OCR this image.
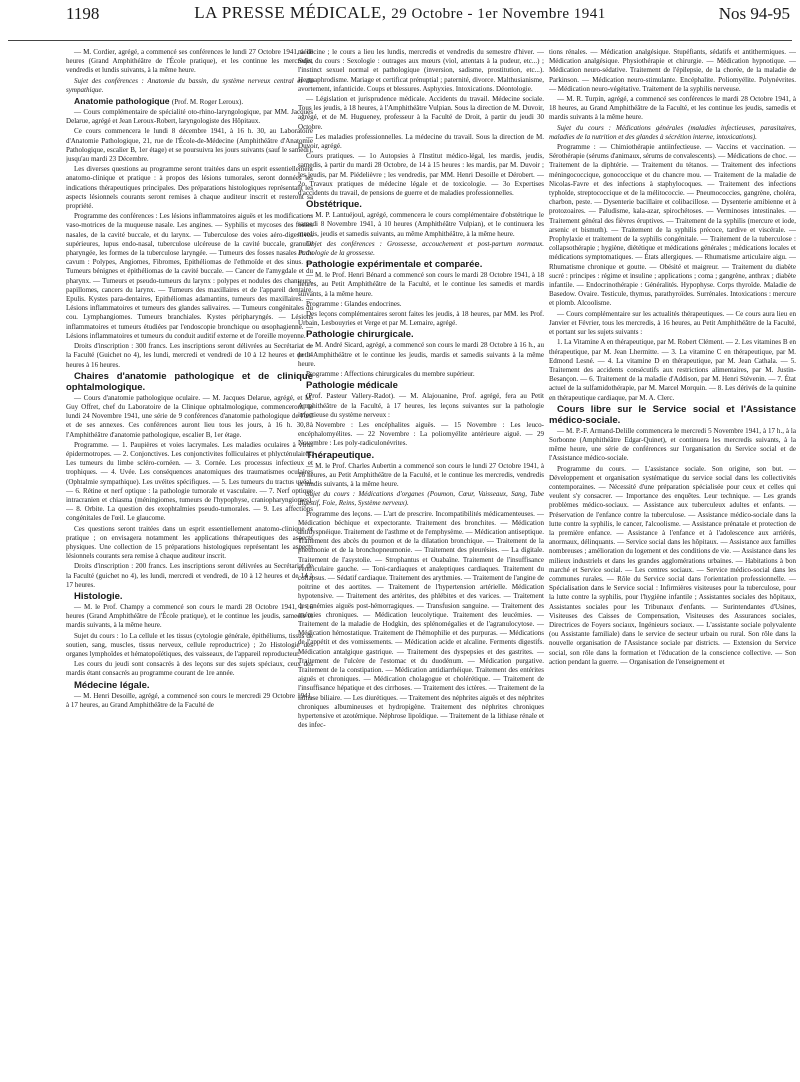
1198	LA PRESSE MÉDICALE, 29 Octobre - 1er Novembre 1941	Nos 94-95

— M. Cordier, agrégé, a commencé ses conférences le lundi 27 Octobre 1941, à 18 heures (Grand Amphithéâtre de l'École pratique), et les continue les mercredis, vendredis et lundis suivants, à la même heure.

Sujet des conférences : Anatomie du bassin, du système nerveux central et du sympathique.

Anatomie pathologique (Prof. M. Roger Leroux).

— Cours complémentaire de spécialité oto-rhino-laryngologique, par MM. Jacques Delarue, agrégé et Jean Leroux-Robert, laryngologiste des Hôpitaux.

Ce cours commencera le lundi 8 décembre 1941, à 16 h. 30, au Laboratoire d'Anatomie Pathologique, 21, rue de l'École-de-Médecine (Amphithéâtre d'Anatomie Pathologique, escalier B, 1er étage) et se poursuivra les jours suivants (sauf le samedi), jusqu'au mardi 23 Décembre.

Les diverses questions au programme seront traitées dans un esprit essentiellement anatomo-clinique et pratique : à propos des lésions tumorales, seront données les indications thérapeutiques principales. Des préparations histologiques représentant les aspects lésionnels courants seront remises à chaque auditeur inscrit et resteront sa propriété.

Programme des conférences : Les lésions inflammatoires aiguës et les modifications vaso-motrices de la muqueuse nasale. Les angines. — Syphilis et mycoses des fosses nasales, de la cavité buccale, et du larynx. — Tuberculose des voies aéro-digestives supérieures, lupus endo-nasal, tuberculose ulcéreuse de la cavité buccale, granulie pharyngée, les formes de la tuberculose laryngée. — Tumeurs des fosses nasales et du cavum : Polypes, Angiomes, Fibromes, Epithéliomas de l'ethmoïde et des sinus. — Tumeurs bénignes et épithéliomas de la cavité buccale. — Cancer de l'amygdale et du pharynx. — Tumeurs et pseudo-tumeurs du larynx : polypes et nodules des chanteurs, papillomes, cancers du larynx. — Tumeurs des maxillaires et de l'appareil dentaire. Epulis. Kystes para-dentaires, Epithéliomas adamantins, tumeurs des maxillaires. — Lésions inflammatoires et tumeurs des glandes salivaires. — Tumeurs congénitales du cou. Lymphangiomes. Tumeurs branchiales. Kystes péripharyngés. — Lésions inflammatoires et tumeurs étudiées par l'endoscopie bronchique ou œsophagienne. — Lésions inflammatoires et tumeurs du conduit auditif externe et de l'oreille moyenne.

Droits d'inscription : 300 francs. Les inscriptions seront délivrées au Secrétariat de la Faculté (Guichet no 4), les lundi, mercredi et vendredi de 10 à 12 heures et de 14 heures à 16 heures.

Chaires d'anatomie pathologique et de clinique ophtalmologique.

— Cours d'anatomie pathologique oculaire. — M. Jacques Delarue, agrégé, et M. Guy Offret, chef du Laboratoire de la Clinique ophtalmologique, commenceront, le lundi 24 Novembre 1941, une série de 9 conférences d'anatomie pathologique de l'œil et de ses annexes. Ces conférences auront lieu tous les jours, à 16 h. 30, à l'Amphithéâtre d'anatomie pathologique, escalier B, 1er étage.

Programme. — 1. Paupières et voies lacrymales. Les maladies oculaires à virus épidermotropes. — 2. Conjonctives. Les conjonctivites folliculaires et phlycténulaires. Les tumeurs du limbe scléro-cornéen. — 3. Cornée. Les processus infectieux et trophiques. — 4. Uvée. Les conséquences anatomiques des traumatismes oculaires (Ophtalmie sympathique). Les uvéites spécifiques. — 5. Les tumeurs du tractus uvéal. — 6. Rétine et nerf optique : la pathologie tumorale et vasculaire. — 7. Nerf optique intracranien et chiasma (méningiomes, tumeurs de l'hypophyse, craniopharyngiomes). — 8. Orbite. La question des exophtalmies pseudo-tumorales. — 9. Les affections congénitales de l'œil. Le glaucome.

Ces questions seront traitées dans un esprit essentiellement anatomo-clinique et pratique ; on envisagera notamment les applications thérapeutiques des aspects physiques. Une collection de 15 préparations histologiques représentant les aspects lésionnels courants sera remise à chaque auditeur inscrit.

Droits d'inscription : 200 francs. Les inscriptions seront délivrées au Secrétariat de la Faculté (guichet no 4), les lundi, mercredi et vendredi, de 10 à 12 heures et de 14 à 17 heures.

Histologie.

— M. le Prof. Champy a commencé son cours le mardi 28 Octobre 1941, à 16 heures (Grand Amphithéâtre de l'École pratique), et le continue les jeudis, samedis et mardis suivants, à la même heure.

Sujet du cours : 1o La cellule et les tissus (cytologie générale, épithéliums, tissus de soutien, sang, muscles, tissus nerveux, cellule reproductrice) ; 2o Histologie des organes lymphoïdes et hématopoïétiques, des vaisseaux, de l'appareil reproducteur.

Les cours du jeudi sont consacrés à des leçons sur des sujets spéciaux, ceux des mardis étant consacrés au programme courant de 1re année.

Médecine légale.

— M. Henri Desoille, agrégé, a commencé son cours le mercredi 29 Octobre 1941, à 17 heures, au Grand Amphithéâtre de la Faculté de

médecine ; le cours a lieu les lundis, mercredis et vendredis du semestre d'hiver. — Sujet du cours : Sexologie : outrages aux mœurs (viol, attentats à la pudeur, etc...) ; l'instinct sexuel normal et pathologique (inversion, sadisme, prostitution, etc...). Hermaphrodisme. Mariage et certificat prénuptial ; paternité, divorce. Malthusianisme, avortement, infanticide. Coups et blessures. Asphyxies. Intoxications. Déontologie.

— Législation et jurisprudence médicale. Accidents du travail. Médecine sociale. Tous les jeudis, à 18 heures, à l'Amphithéâtre Vulpian. Sous la direction de M. Duvoir, agrégé, et de M. Hugueney, professeur à la Faculté de Droit, à partir du jeudi 30 Octobre.

— Les maladies professionnelles. La médecine du travail. Sous la direction de M. Duvoir, agrégé.

Cours pratiques. — 1o Autopsies à l'Institut médico-légal, les mardis, jeudis, samedis, à partir du mardi 28 Octobre, de 14 à 15 heures : les mardis, par M. Duvoir ; les jeudis, par M. Piédelièvre ; les vendredis, par MM. Henri Desoille et Dérobert. — 2o Travaux pratiques de médecine légale et de toxicologie. — 3o Expertises d'accidents du travail, de pensions de guerre et de maladies professionnelles.

Obstétrique.

— M. P. Lantuéjoul, agrégé, commencera le cours complémentaire d'obstétrique le samedi 8 Novembre 1941, à 10 heures (Amphithéâtre Vulpian), et le continuera les mardis, jeudis et samedis suivants, au même Amphithéâtre, à la même heure.

Objet des conférences : Grossesse, accouchement et post-partum normaux. Pathologie de la grossesse.

Pathologie expérimentale et comparée.

— M. le Prof. Henri Bénard a commencé son cours le mardi 28 Octobre 1941, à 18 heures, au Petit Amphithéâtre de la Faculté, et le continue les samedis et mardis suivants, à la même heure.

Programme : Glandes endocrines.

Des leçons complémentaires seront faites les jeudis, à 18 heures, par MM. les Prof. Urbain, Lesbouyries et Verge et par M. Lemaire, agrégé.

Pathologie chirurgicale.

— M. André Sicard, agrégé, a commencé son cours le mardi 28 Octobre à 16 h., au petit Amphithéâtre et le continue les jeudis, mardis et samedis suivants à la même heure.

Programme : Affections chirurgicales du membre supérieur.

Pathologie médicale

(Prof. Pasteur Vallery-Radot). — M. Alajouanine, Prof. agrégé, fera au Petit Amphithéâtre de la Faculté, à 17 heures, les leçons suivantes sur la pathologie infectieuse du système nerveux :

8 Novembre : Les encéphalites aiguës. — 15 Novembre : Les leuco-encéphalomyélites. — 22 Novembre : La poliomyélite antérieure aiguë. — 29 Novembre : Les poly-radiculonévrites.

Thérapeutique.

— M. le Prof. Charles Aubertin a commencé son cours le lundi 27 Octobre 1941, à 16 heures, au Petit Amphithéâtre de la Faculté, et le continue les mercredis, vendredis et lundis suivants, à la même heure.

Sujet du cours : Médications d'organes (Poumon, Cœur, Vaisseaux, Sang, Tube digestif, Foie, Reins, Système nerveux).

Programme des leçons. — L'art de prescrire. Incompatibilités médicamenteuses. — Médication béchique et expectorante. Traitement des bronchites. — Médication antidyspnéique. Traitement de l'asthme et de l'emphysème. — Médication antiseptique. Traitement des abcès du poumon et de la dilatation bronchique. — Traitement de la pneumonie et de la bronchopneumonie. — Traitement des pleurésies. — La digitale. Traitement de l'asystolie. — Strophantus et Ouabaïne. Traitement de l'insuffisance ventriculaire gauche. — Toni-cardiaques et analeptiques cardiaques. Traitement du collapsus. — Sédatif cardiaque. Traitement des arythmies. — Traitement de l'angine de poitrine et des aortites. — Traitement de l'hypertension artérielle. Médication hypotensive. — Traitement des artérites, des phlébites et des varices. — Traitement des anémies aiguës post-hémorragiques. — Transfusion sanguine. — Traitement des anémies chroniques. — Médication leucolytique. Traitement des leucémies. — Traitement de la maladie de Hodgkin, des splénomégalies et de l'agranulocytose. — Médication hémostatique. Traitement de l'hémophilie et des purpuras. — Médications de l'appétit et des vomissements. — Médication acide et alcaline. Ferments digestifs. Médication antalgique gastrique. — Traitement des dyspepsies et des gastrites. — Traitement de l'ulcère de l'estomac et du duodénum. — Médication purgative. Traitement de la constipation. — Médication antidiarrhéique. Traitement des entérites aiguës et chroniques. — Médication cholagogue et cholérétique. — Traitement de l'insuffisance hépatique et des cirrhoses. — Traitement des ictères. — Traitement de la lithiase biliaire. — Les diurétiques. — Traitement des néphrites aiguës et des néphrites chroniques albumineuses et hydropigène. Traitement des néphrites chroniques hypertensive et azotémique. Néphrose lipoïdique. — Traitement de la lithiase rénale et des infec-

tions rénales. — Médication analgésique. Stupéfiants, sédatifs et antithermiques. — Médication analgésique. Physiothérapie et chirurgie. — Médication hypnotique. — Médication neuro-sédative. Traitement de l'épilepsie, de la chorée, de la maladie de Parkinson. — Médication neuro-stimulante. Encéphalite. Poliomyélite. Polynévrites. — Médication neuro-végétative. Traitement de la syphilis nerveuse.

— M. R. Turpin, agrégé, a commencé ses conférences le mardi 28 Octobre 1941, à 18 heures, au Grand Amphithéâtre de la Faculté, et les continue les jeudis, samedis et mardis suivants à la même heure.

Sujet du cours : Médications générales (maladies infectieuses, parasitaires, maladies de la nutrition et des glandes à sécrétion interne, intoxications).

Programme : — Chimiothérapie antiinfectieuse. — Vaccins et vaccination. — Sérothérapie (sérums d'animaux, sérums de convalescents). — Médications de choc. — Traitement de la diphtérie. — Traitement du tétanos. — Traitement des infections méningococcique, gonococcique et du chancre mou. — Traitement de la maladie de Nicolas-Favre et des infections à staphylocoques. — Traitement des infections typhoïde, streptococcique et de la mélitococcie. — Pneumococcies, gangrène, choléra, charbon, peste. — Dysenterie bacillaire et colibacillose. — Dysenterie amibienne et à protozoaires. — Paludisme, kala-azar, spirochétoses. — Verminoses intestinales. — Traitement général des fièvres éruptives. — Traitement de la syphilis (mercure et iode, arsenic et bismuth). — Traitement de la syphilis précoce, tardive et viscérale. — Prophylaxie et traitement de la syphilis congénitale. — Traitement de la tuberculose : collapsothérapie ; hygiène, diététique et médications générales ; médications locales et médications symptomatiques. — États allergiques. — Rhumatisme articulaire aigu. — Rhumatisme chronique et goutte. — Obésité et maigreur. — Traitement du diabète sucré : principes : régime et insuline ; applications ; coma ; gangrène, anthrax ; diabète infantile. — Endocrinothérapie : Généralités. Hypophyse. Corps thyroïde. Maladie de Basedow. Ovaire. Testicule, thymus, parathyroïdes. Surrénales. Intoxications : mercure et plomb. Alcoolisme.

— Cours complémentaire sur les actualités thérapeutiques. — Ce cours aura lieu en Janvier et Février, tous les mercredis, à 16 heures, au Petit Amphithéâtre de la Faculté, et portant sur les sujets suivants :

1. La Vitamine A en thérapeutique, par M. Robert Clément. — 2. Les vitamines B en thérapeutique, par M. Jean Lhermitte. — 3. La vitamine C en thérapeutique, par M. Edmond Lesné. — 4. La vitamine D en thérapeutique, par M. Jean Cathala. — 5. Traitement des accidents consécutifs aux restrictions alimentaires, par M. Justin-Besançon. — 6. Traitement de la maladie d'Addison, par M. Henri Stévenin. — 7. État actuel de la sulfamidothérapie, par M. Marcel Morquin. — 8. Les dérivés de la quinine en thérapeutique cardiaque, par M. A. Clerc.

Cours libre sur le Service social et l'Assistance médico-sociale.

— M. P.-F. Armand-Delille commencera le mercredi 5 Novembre 1941, à 17 h., à la Sorbonne (Amphithéâtre Edgar-Quinet), et continuera les mercredis suivants, à la même heure, une série de conférences sur l'organisation du Service social et de l'Assistance médico-sociale.

Programme du cours. — L'assistance sociale. Son origine, son but. — Développement et organisation systématique du service social dans les collectivités contemporaines. — Nécessité d'une préparation spécialisée pour ceux et celles qui veulent s'y consacrer. — Importance des enquêtes. Leur technique. — Les grands problèmes médico-sociaux. — Assistance aux tuberculeux adultes et enfants. — Préservation de l'enfance contre la tuberculose. — Assistance médico-sociale dans la lutte contre la syphilis, le cancer, l'alcoolisme. — Assistance prénatale et protection de la première enfance. — Assistance à l'enfance et à l'adolescence aux arriérés, anormaux, délinquants. — Service social dans les hôpitaux. — Assistance aux familles nombreuses ; amélioration du logement et des conditions de vie. — Assistance dans les milieux industriels et dans les grandes agglomérations urbaines. — Habitations à bon marché et Service social. — Les centres sociaux. — Service médico-social dans les communes rurales. — Rôle du Service social dans l'orientation professionnelle. — Spécialisation dans le Service social : Infirmières visiteuses pour la tuberculose, pour la lutte contre la syphilis, pour l'hygiène infantile ; Assistantes sociales des hôpitaux, Assistantes sociales pour les Tribunaux d'enfants. — Surintendantes d'Usines, Visiteuses des Caisses de Compensation, Visiteuses des Assurances sociales, Directrices de Foyers sociaux, Ingénieurs sociaux. — L'assistante sociale polyvalente (ou Assistante familiale) dans le service de secteur urbain ou rural. Son rôle dans la nouvelle organisation de l'Assistance sociale par districts. — Extension du Service social, son rôle dans la formation et l'éducation de la conscience collective. — Son action pendant la guerre. — Organisation de l'enseignement et
